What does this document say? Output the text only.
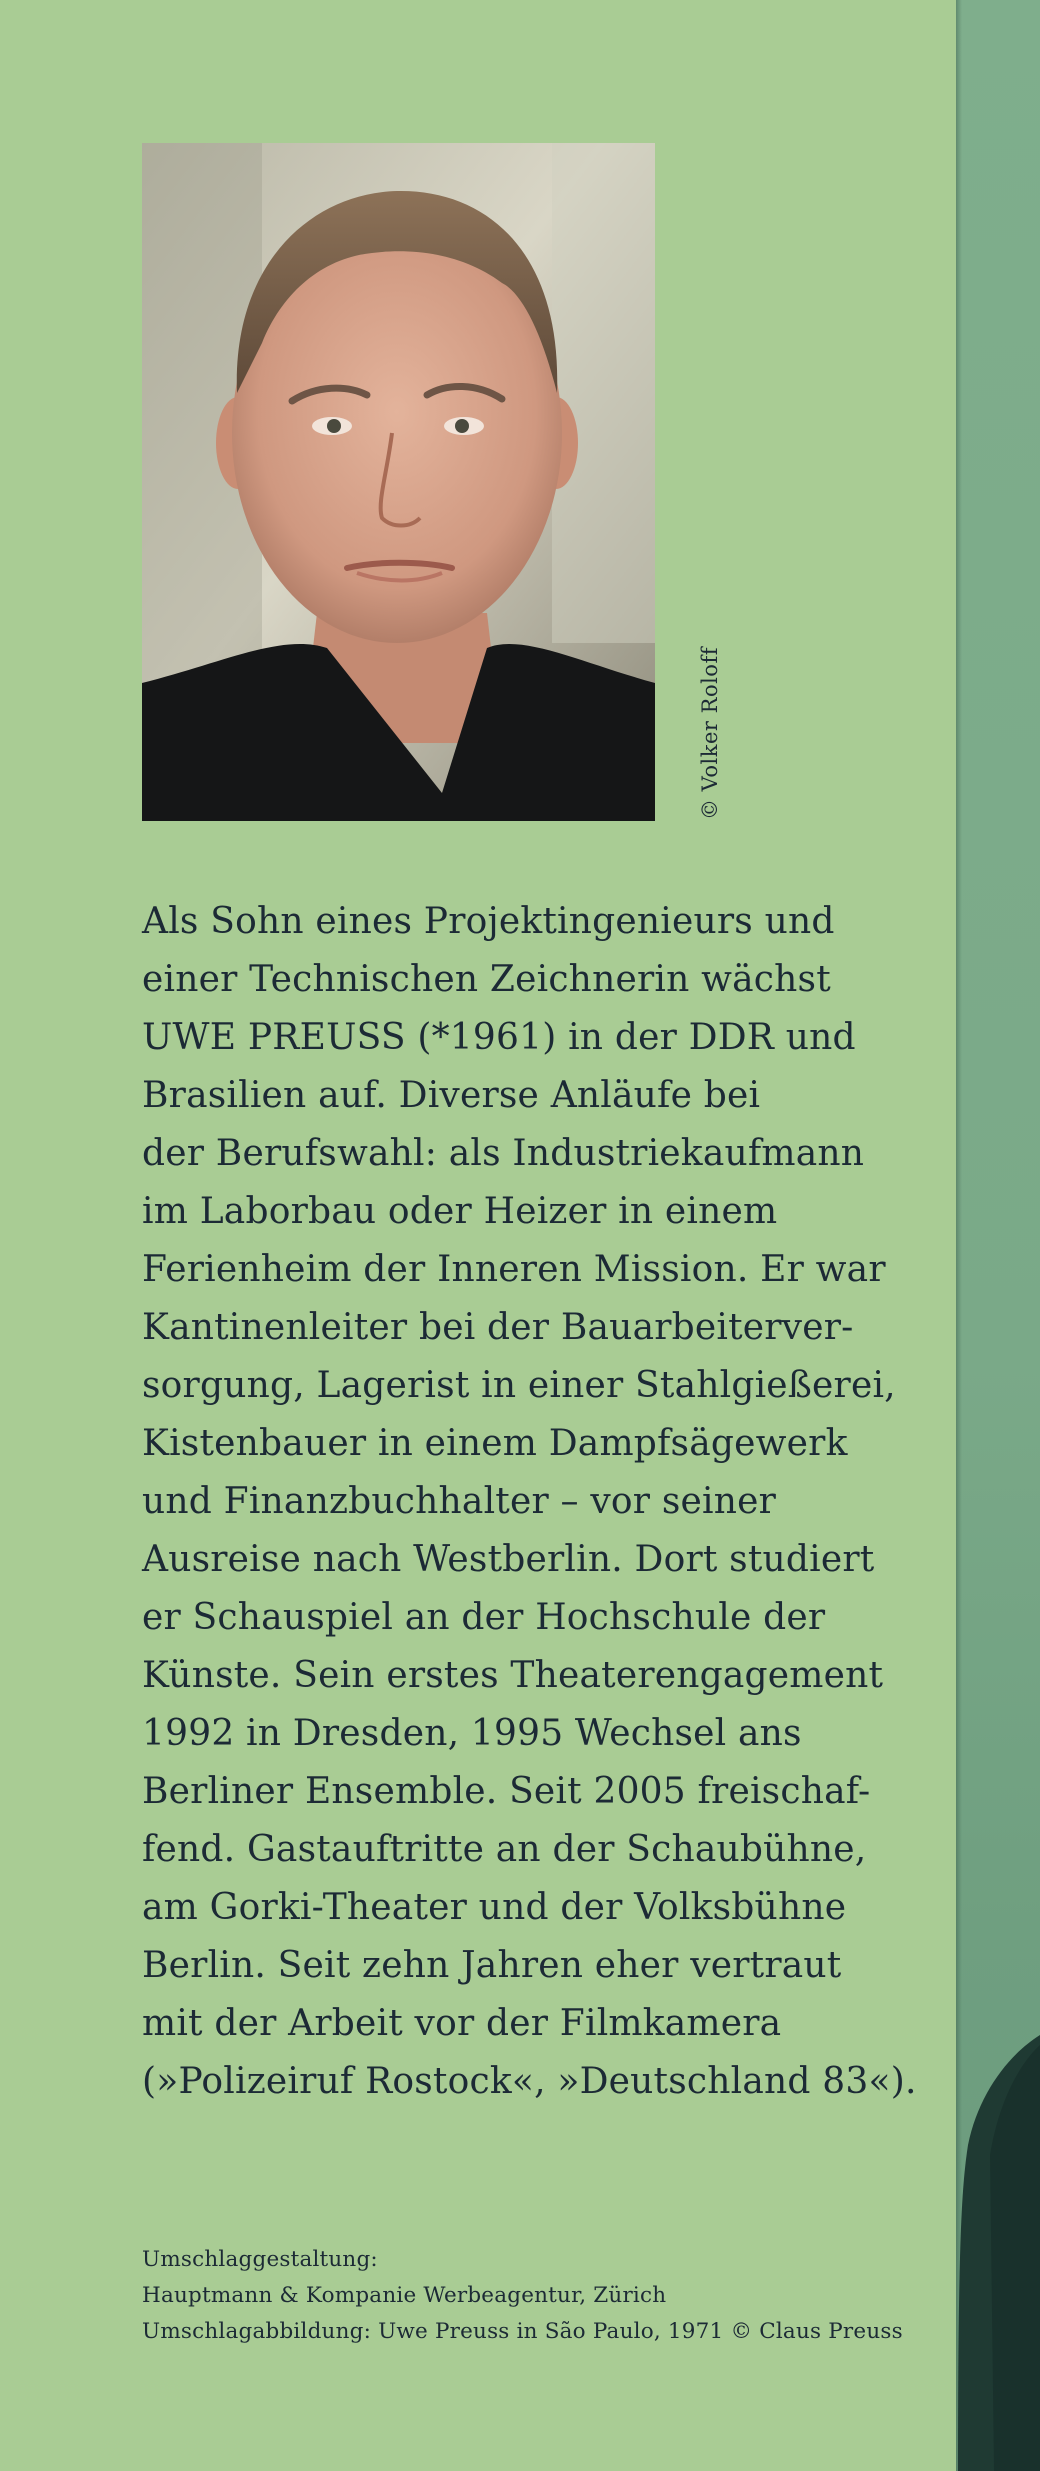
© Volker Roloff
Als Sohn eines Projektingenieurs und
einer Technischen Zeichnerin wächst
UWE PREUSS (*1961) in der DDR und
Brasilien auf. Diverse Anläufe bei
der Berufswahl: als Industriekaufmann
im Laborbau oder Heizer in einem
Ferienheim der Inneren Mission. Er war
Kantinenleiter bei der Bauarbeiterver-
sorgung, Lagerist in einer Stahlgießerei,
Kistenbauer in einem Dampfsägewerk
und Finanzbuchhalter – vor seiner
Ausreise nach Westberlin. Dort studiert
er Schauspiel an der Hochschule der
Künste. Sein erstes Theaterengagement
1992 in Dresden, 1995 Wechsel ans
Berliner Ensemble. Seit 2005 freischaf-
fend. Gastauftritte an der Schaubühne,
am Gorki-Theater und der Volksbühne
Berlin. Seit zehn Jahren eher vertraut
mit der Arbeit vor der Filmkamera
(»Polizeiruf Rostock«, »Deutschland 83«).
Umschlaggestaltung:
Hauptmann & Kompanie Werbeagentur, Zürich
Umschlagabbildung: Uwe Preuss in São Paulo, 1971 © Claus Preuss
